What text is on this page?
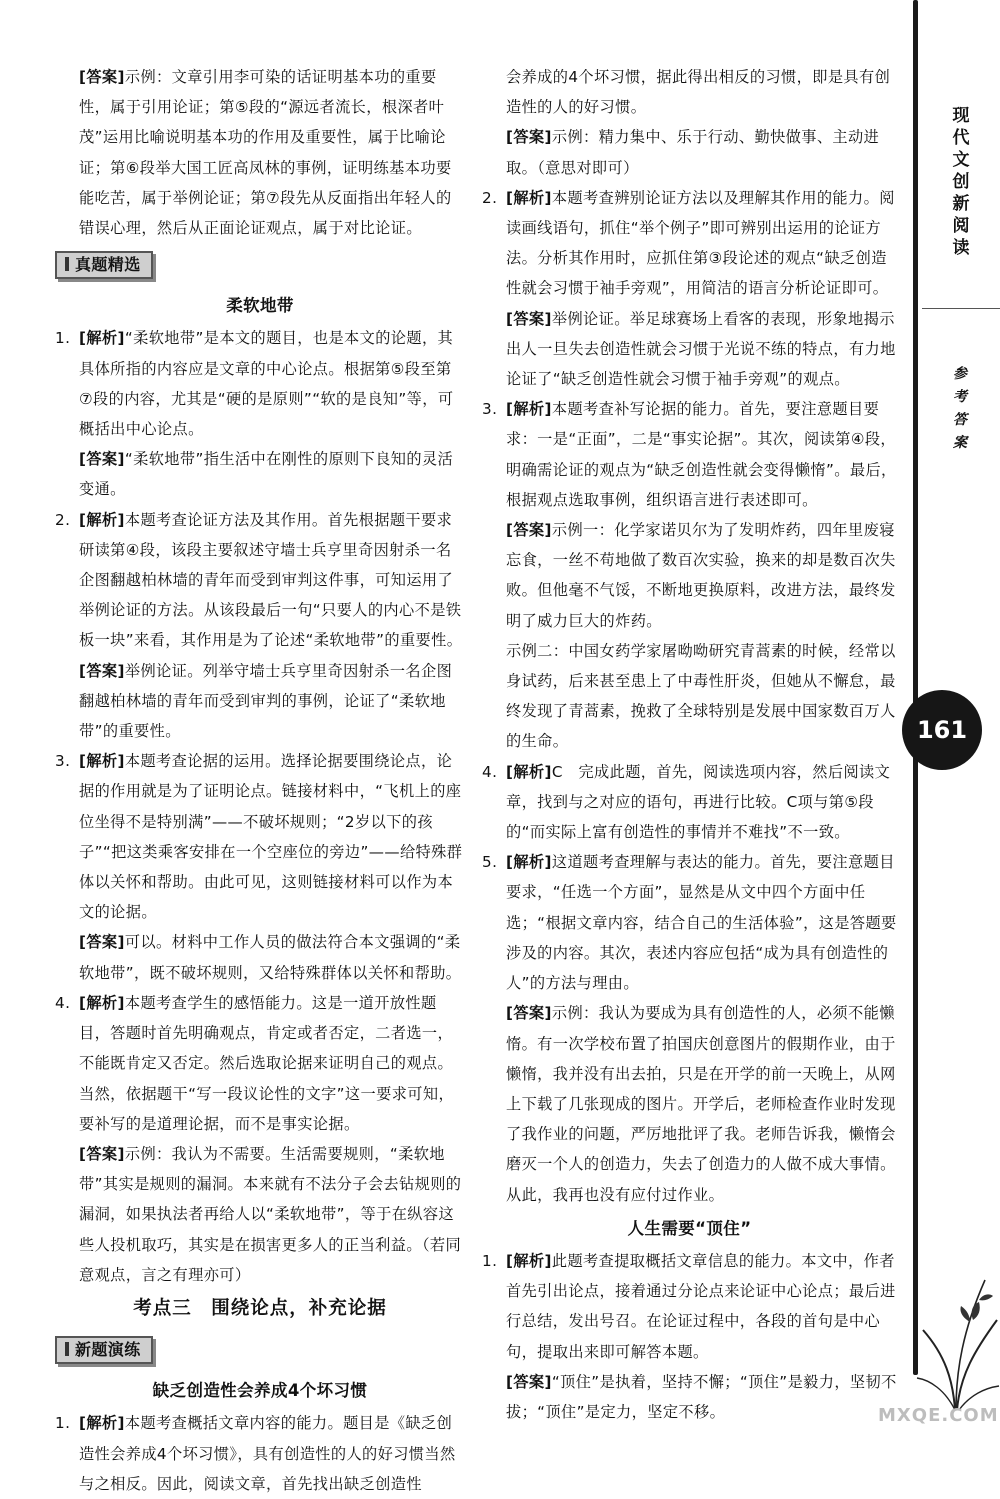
[答案]示例：文章引用李可染的话证明基本功的重要性，属于引用论证；第⑤段的“源远者流长，根深者叶茂”运用比喻说明基本功的作用及重要性，属于比喻论证；第⑥段举大国工匠高凤林的事例，证明练基本功要能吃苦，属于举例论证；第⑦段先从反面指出年轻人的错误心理，然后从正面论证观点，属于对比论证。

真题精选
柔软地带
1. [解析]“柔软地带”是本文的题目，也是本文的论题，其具体所指的内容应是文章的中心论点。根据第⑤段至第⑦段的内容，尤其是“硬的是原则”“软的是良知”等，可概括出中心论点。
[答案]“柔软地带”指生活中在刚性的原则下良知的灵活变通。
2. [解析]本题考查论证方法及其作用。首先根据题干要求研读第④段，该段主要叙述守墙士兵亨里奇因射杀一名企图翻越柏林墙的青年而受到审判这件事，可知运用了举例论证的方法。从该段最后一句“只要人的内心不是铁板一块”来看，其作用是为了论述“柔软地带”的重要性。
[答案]举例论证。列举守墙士兵亨里奇因射杀一名企图翻越柏林墙的青年而受到审判的事例，论证了“柔软地带”的重要性。
3. [解析]本题考查论据的运用。选择论据要围绕论点，论据的作用就是为了证明论点。链接材料中，“飞机上的座位坐得不是特别满”——不破坏规则；“2岁以下的孩子”“把这类乘客安排在一个空座位的旁边”——给特殊群体以关怀和帮助。由此可见，这则链接材料可以作为本文的论据。
[答案]可以。材料中工作人员的做法符合本文强调的“柔软地带”，既不破坏规则，又给特殊群体以关怀和帮助。
4. [解析]本题考查学生的感悟能力。这是一道开放性题目，答题时首先明确观点，肯定或者否定，二者选一，不能既肯定又否定。然后选取论据来证明自己的观点。当然，依据题干“写一段议论性的文字”这一要求可知，要补写的是道理论据，而不是事实论据。
[答案]示例：我认为不需要。生活需要规则，“柔软地带”其实是规则的漏洞。本来就有不法分子会去钻规则的漏洞，如果执法者再给人以“柔软地带”，等于在纵容这些人投机取巧，其实是在损害更多人的正当利益。（若同意观点，言之有理亦可）
考点三　围绕论点，补充论据
新题演练
缺乏创造性会养成4个坏习惯
1. [解析]本题考查概括文章内容的能力。题目是《缺乏创造性会养成4个坏习惯》，具有创造性的人的好习惯当然与之相反。因此，阅读文章，首先找出缺乏创造性
会养成的4个坏习惯，据此得出相反的习惯，即是具有创造性的人的好习惯。
[答案]示例：精力集中、乐于行动、勤快做事、主动进取。（意思对即可）
2. [解析]本题考查辨别论证方法以及理解其作用的能力。阅读画线语句，抓住“举个例子”即可辨别出运用的论证方法。分析其作用时，应抓住第③段论述的观点“缺乏创造性就会习惯于袖手旁观”，用简洁的语言分析论证即可。
[答案]举例论证。举足球赛场上看客的表现，形象地揭示出人一旦失去创造性就会习惯于光说不练的特点，有力地论证了“缺乏创造性就会习惯于袖手旁观”的观点。
3. [解析]本题考查补写论据的能力。首先，要注意题目要求：一是“正面”，二是“事实论据”。其次，阅读第④段，明确需论证的观点为“缺乏创造性就会变得懒惰”。最后，根据观点选取事例，组织语言进行表述即可。
[答案]示例一：化学家诺贝尔为了发明炸药，四年里废寝忘食，一丝不苟地做了数百次实验，换来的却是数百次失败。但他毫不气馁，不断地更换原料，改进方法，最终发明了威力巨大的炸药。
示例二：中国女药学家屠呦呦研究青蒿素的时候，经常以身试药，后来甚至患上了中毒性肝炎，但她从不懈怠，最终发现了青蒿素，挽救了全球特别是发展中国家数百万人的生命。
4. [解析]C　完成此题，首先，阅读选项内容，然后阅读文章，找到与之对应的语句，再进行比较。C项与第⑤段的“而实际上富有创造性的事情并不难找”不一致。
5. [解析]这道题考查理解与表达的能力。首先，要注意题目要求，“任选一个方面”，显然是从文中四个方面中任选；“根据文章内容，结合自己的生活体验”，这是答题要涉及的内容。其次，表述内容应包括“成为具有创造性的人”的方法与理由。
[答案]示例：我认为要成为具有创造性的人，必须不能懒惰。有一次学校布置了拍国庆创意图片的假期作业，由于懒惰，我并没有出去拍，只是在开学的前一天晚上，从网上下载了几张现成的图片。开学后，老师检查作业时发现了我作业的问题，严厉地批评了我。老师告诉我，懒惰会磨灭一个人的创造力，失去了创造力的人做不成大事情。从此，我再也没有应付过作业。
人生需要“顶住”
1. [解析]此题考查提取概括文章信息的能力。本文中，作者首先引出论点，接着通过分论点来论证中心论点；最后进行总结，发出号召。在论证过程中，各段的首句是中心句，提取出来即可解答本题。
[答案]“顶住”是执着，坚持不懈；“顶住”是毅力，坚韧不拔；“顶住”是定力，坚定不移。
现代文创新阅读
参考答案
161
MXQE.COM
